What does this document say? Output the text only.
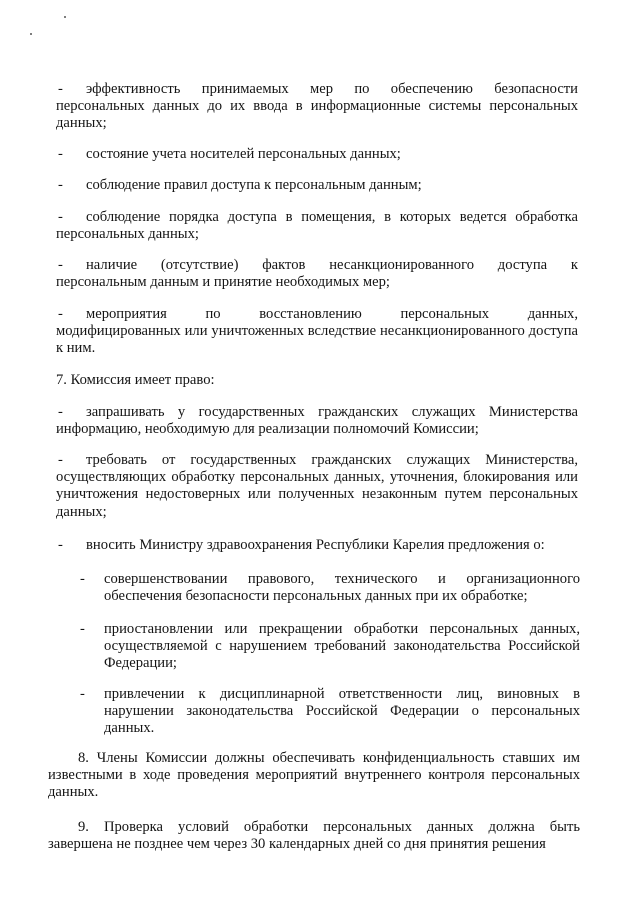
-	эффективность принимаемых мер по обеспечению безопасности
персональных данных до их ввода в информационные системы персональных данных;
-	состояние учета носителей персональных данных;
-	соблюдение правил доступа к персональным данным;
-	соблюдение порядка доступа в помещения, в которых ведется обработка
персональных данных;
-	наличие (отсутствие) фактов несанкционированного доступа к
персональным данным и принятие необходимых мер;
-	мероприятия по восстановлению персональных данных,
модифицированных или уничтоженных вследствие несанкционированного доступа к ним.
7. Комиссия имеет право:
-	запрашивать у государственных гражданских служащих Министерства
информацию, необходимую для реализации полномочий Комиссии;
-	требовать от государственных гражданских служащих Министерства,
осуществляющих обработку персональных данных, уточнения, блокирования или уничтожения недостоверных или полученных незаконным путем персональных данных;
-	вносить Министру здравоохранения Республики Карелия предложения о:
- совершенствовании правового, технического и организационного обеспечения безопасности персональных данных при их обработке;
- приостановлении или прекращении обработки персональных данных, осуществляемой с нарушением требований законодательства Российской Федерации;
- привлечении к дисциплинарной ответственности лиц, виновных в нарушении законодательства Российской Федерации о персональных данных.
8. Члены Комиссии должны обеспечивать конфиденциальность ставших им
известными в ходе проведения мероприятий внутреннего контроля персональных данных.
9. Проверка условий обработки персональных данных должна быть
завершена не позднее чем через 30 календарных дней со дня принятия решения
